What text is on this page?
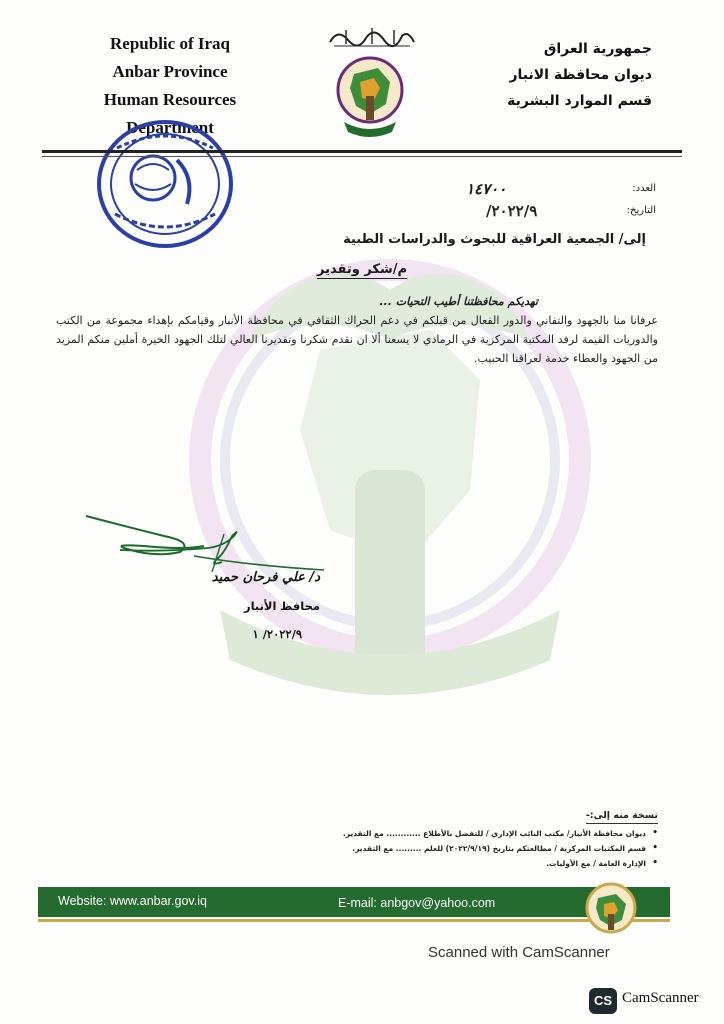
Republic of Iraq
Anbar Province
Human Resources
Department
جمهورية العراق
ديوان محافظة الانبار
قسم الموارد البشرية
العدد:
١٤٧٠٠
التاريخ:
٢٠٢٢/٩/
إلى/ الجمعية العراقية للبحوث والدراسات الطبية
م/شكر وتقدير
تهديكم محافظتنا أطيب التحيات ...
عرفانا منا بالجهود والتفاني والدور الفعال من قبلكم في دعم الحراك الثقافي في محافظة الأنبار وقيامكم بإهداء مجموعة من الكتب والدوريات القيمة لرفد المكتبة المركزية في الرمادي لا يسعنا ألا ان نقدم شكرنا وتقديرنا العالي لتلك الجهود الخيرة أملين منكم المزيد من الجهود والعطاء خدمة لعراقنا الحبيب.
د/ علي فرحان حميد
محافظ الأنبار
٢٠٢٢/٩/ ١
نسخة منه إلى:-
• ديوان محافظة الأنبار/ مكتب النائب الإداري / للتفضل بالأطلاع ............ مع التقدير.
• قسم المكتبات المركزية / مطالعتكم بتاريخ (٢٠٢٢/٩/١٩) للعلم ......... مع التقدير.
• الإدارة العامة / مع الأوليات.
Website: www.anbar.gov.iq	E-mail: anbgov@yahoo.com
Scanned with CamScanner
CS CamScanner
